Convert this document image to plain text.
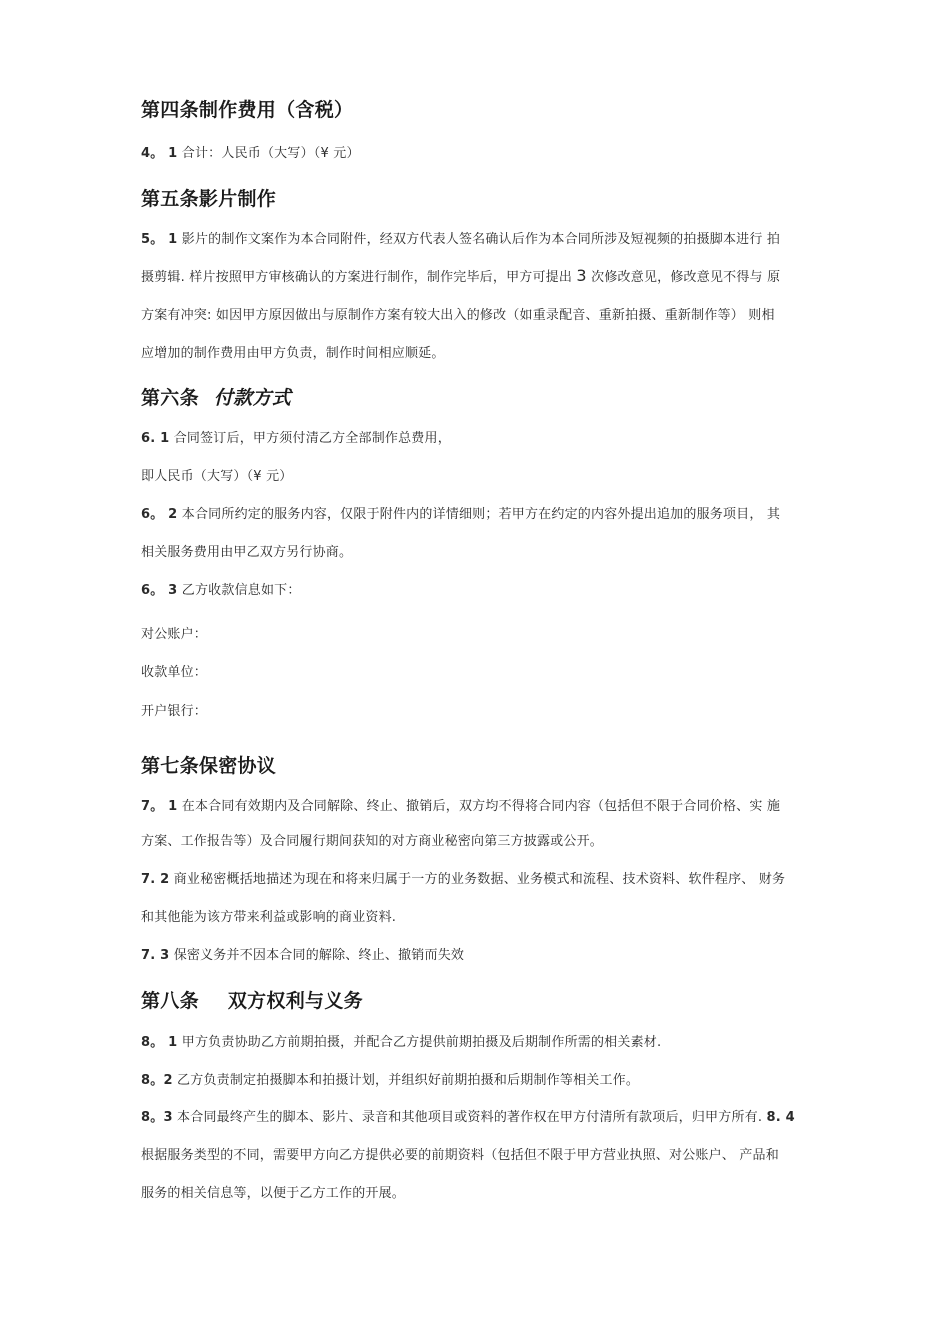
第四条制作费用（含税）
4。 1 合计：人民币（大写）（¥ 元）
第五条影片制作
5。 1 影片的制作文案作为本合同附件，经双方代表人签名确认后作为本合同所涉及短视频的拍摄脚本进行 拍
摄剪辑. 样片按照甲方审核确认的方案进行制作，制作完毕后，甲方可提出 3 次修改意见，修改意见不得与 原
方案有冲突: 如因甲方原因做出与原制作方案有较大出入的修改（如重录配音、重新拍摄、重新制作等） 则相
应增加的制作费用由甲方负责，制作时间相应顺延。
第六条 付款方式
6. 1 合同签订后，甲方须付清乙方全部制作总费用，
即人民币（大写）（¥ 元）
6。 2 本合同所约定的服务内容，仅限于附件内的详情细则；若甲方在约定的内容外提出追加的服务项目， 其
相关服务费用由甲乙双方另行协商。
6。 3 乙方收款信息如下：
对公账户：
收款单位：
开户银行：
第七条保密协议
7。 1 在本合同有效期内及合同解除、终止、撤销后，双方均不得将合同内容（包括但不限于合同价格、实 施
方案、工作报告等）及合同履行期间获知的对方商业秘密向第三方披露或公开。
7. 2 商业秘密概括地描述为现在和将来归属于一方的业务数据、业务模式和流程、技术资料、软件程序、 财务
和其他能为该方带来利益或影响的商业资料.
7. 3 保密义务并不因本合同的解除、终止、撤销而失效
第八条 双方权利与义务
8。 1 甲方负责协助乙方前期拍摄，并配合乙方提供前期拍摄及后期制作所需的相关素材.
8。2 乙方负责制定拍摄脚本和拍摄计划，并组织好前期拍摄和后期制作等相关工作。
8。3 本合同最终产生的脚本、影片、录音和其他项目或资料的著作权在甲方付清所有款项后，归甲方所有. 8. 4
根据服务类型的不同，需要甲方向乙方提供必要的前期资料（包括但不限于甲方营业执照、对公账户、 产品和
服务的相关信息等，以便于乙方工作的开展。
